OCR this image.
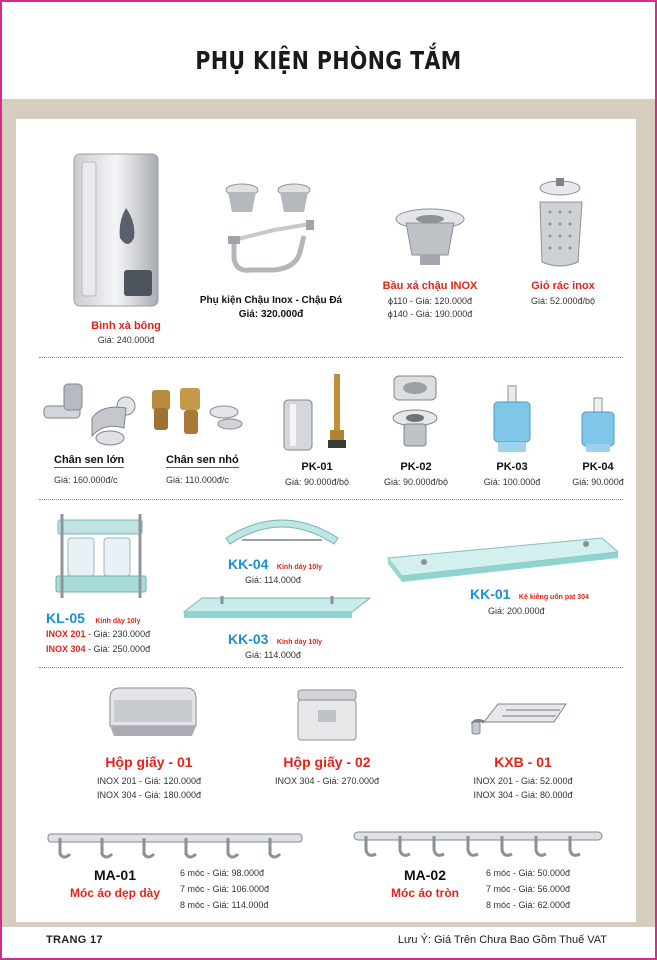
PHỤ KIỆN PHÒNG TẮM
Bình xà bông
Giá: 240.000đ
Phụ kiện Chậu Inox - Chậu Đá
Giá: 320.000đ
Bầu xả chậu INOX
ϕ110 - Giá: 120.000đ
ϕ140 - Giá: 190.000đ
Giỏ rác inox
Giá: 52.000đ/bộ
Chân sen lớn
Giá: 160.000đ/c
Chân sen nhỏ
Giá: 110.000đ/c
PK-01
Giá: 90.000đ/bộ
PK-02
Giá: 90.000đ/bộ
PK-03
Giá: 100.000đ
PK-04
Giá: 90.000đ
KL-05 Kính dày 10ly
INOX 201 - Giá: 230.000đ
INOX 304 - Giá: 250.000đ
KK-04 Kính dày 10ly
Giá: 114.000đ
KK-03 Kính dày 10ly
Giá: 114.000đ
KK-01 Kệ kiếng uốn pat 304
Giá: 200.000đ
Hộp giấy - 01
INOX 201 - Giá: 120.000đ
INOX 304 - Giá: 180.000đ
Hộp giấy - 02
INOX 304 - Giá: 270.000đ
KXB - 01
INOX 201 - Giá: 52.000đ
INOX 304 - Giá: 80.000đ
MA-01
Móc áo dẹp dày
6 móc - Giá: 98.000đ
7 móc - Giá: 106.000đ
8 móc - Giá: 114.000đ
MA-02
Móc áo tròn
6 móc - Giá: 50.000đ
7 móc - Giá: 56.000đ
8 móc - Giá: 62.000đ
TRANG 17	Lưu Ý: Giá Trên Chưa Bao Gồm Thuế VAT
